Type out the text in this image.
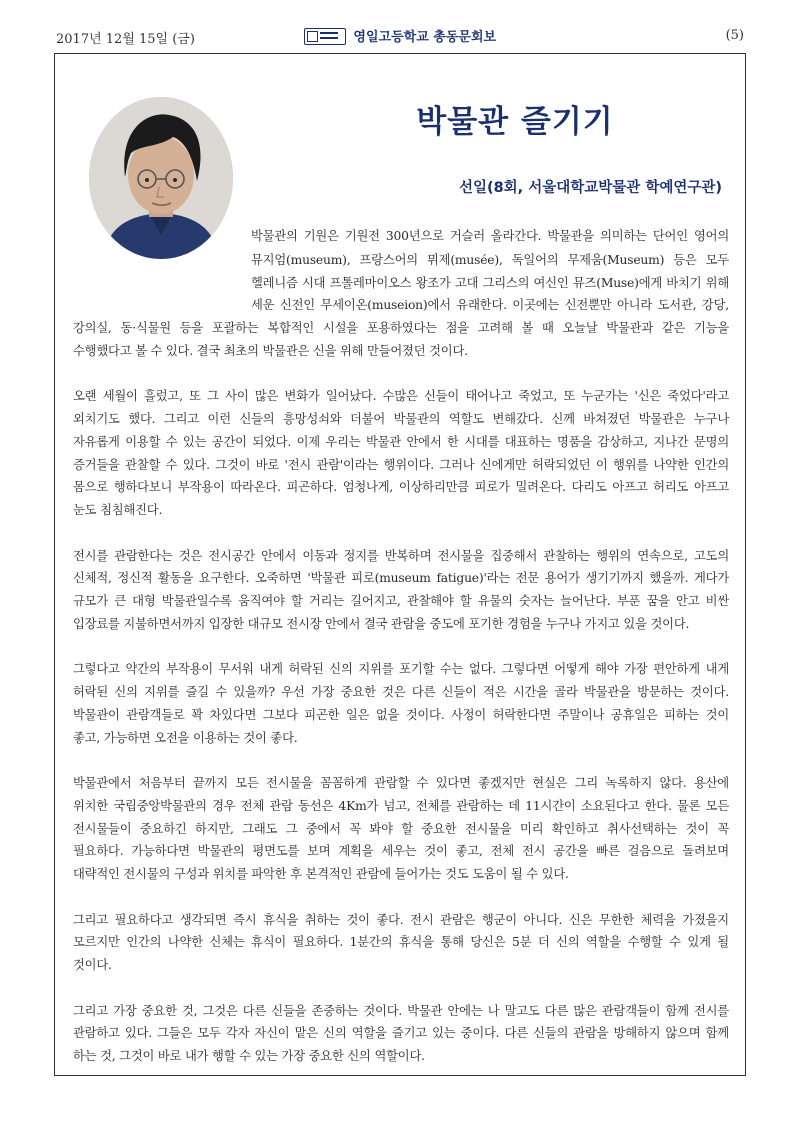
2017년 12월 15일 (금)	영일고등학교 총동문회보	(5)
박물관 즐기기
선일(8회, 서울대학교박물관 학예연구관)
박물관의 기원은 기원전 300년으로 거슬러 올라간다. 박물관을 의미하는 단어인 영어의
뮤지엄(museum), 프랑스어의 뮈제(musée), 독일어의 무제움(Museum) 등은 모두
헬레니즘 시대 프톨레마이오스 왕조가 고대 그리스의 여신인 뮤즈(Muse)에게 바치기 위해
세운 신전인 무세이온(museion)에서 유래한다. 이곳에는 신전뿐만 아니라 도서관, 강당,
강의실, 동·식물원 등을 포괄하는 복합적인 시설을 포용하였다는 점을 고려해 볼 때 오늘날 박물관과 같은 기능을
수행했다고 볼 수 있다. 결국 최초의 박물관은 신을 위해 만들어졌던 것이다.
오랜 세월이 흘렀고, 또 그 사이 많은 변화가 일어났다. 수많은 신들이 태어나고 죽었고, 또 누군가는 '신은 죽었다'라고
외치기도 했다. 그리고 이런 신들의 흥망성쇠와 더불어 박물관의 역할도 변해갔다. 신께 바쳐졌던 박물관은 누구나
자유롭게 이용할 수 있는 공간이 되었다. 이제 우리는 박물관 안에서 한 시대를 대표하는 명품을 감상하고, 지나간 문명의
증거들을 관찰할 수 있다. 그것이 바로 '전시 관람'이라는 행위이다. 그러나 신에게만 허락되었던 이 행위를 나약한 인간의
몸으로 행하다보니 부작용이 따라온다. 피곤하다. 엄청나게, 이상하리만큼 피로가 밀려온다. 다리도 아프고 허리도 아프고
눈도 침침해진다.
전시를 관람한다는 것은 전시공간 안에서 이동과 정지를 반복하며 전시물을 집중해서 관찰하는 행위의 연속으로, 고도의
신체적, 정신적 활동을 요구한다. 오죽하면 '박물관 피로(museum fatigue)'라는 전문 용어가 생기기까지 했을까. 게다가
규모가 큰 대형 박물관일수록 움직여야 할 거리는 길어지고, 관찰해야 할 유물의 숫자는 늘어난다. 부푼 꿈을 안고 비싼
입장료를 지불하면서까지 입장한 대규모 전시장 안에서 결국 관람을 중도에 포기한 경험을 누구나 가지고 있을 것이다.
그렇다고 약간의 부작용이 무서워 내게 허락된 신의 지위를 포기할 수는 없다. 그렇다면 어떻게 해야 가장 편안하게 내게
허락된 신의 지위를 즐길 수 있을까? 우선 가장 중요한 것은 다른 신들이 적은 시간을 골라 박물관을 방문하는 것이다.
박물관이 관람객들로 꽉 차있다면 그보다 피곤한 일은 없을 것이다. 사정이 허락한다면 주말이나 공휴일은 피하는 것이
좋고, 가능하면 오전을 이용하는 것이 좋다.
박물관에서 처음부터 끝까지 모든 전시물을 꼼꼼하게 관람할 수 있다면 좋겠지만 현실은 그리 녹록하지 않다. 용산에
위치한 국립중앙박물관의 경우 전체 관람 동선은 4Km가 넘고, 전체를 관람하는 데 11시간이 소요된다고 한다. 물론 모든
전시물들이 중요하긴 하지만, 그래도 그 중에서 꼭 봐야 할 중요한 전시물을 미리 확인하고 취사선택하는 것이 꼭
필요하다. 가능하다면 박물관의 평면도를 보며 계획을 세우는 것이 좋고, 전체 전시 공간을 빠른 걸음으로 돌려보며
대략적인 전시물의 구성과 위치를 파악한 후 본격적인 관람에 들어가는 것도 도움이 될 수 있다.
그리고 필요하다고 생각되면 즉시 휴식을 취하는 것이 좋다. 전시 관람은 행군이 아니다. 신은 무한한 체력을 가졌을지
모르지만 인간의 나약한 신체는 휴식이 필요하다. 1분간의 휴식을 통해 당신은 5분 더 신의 역할을 수행할 수 있게 될
것이다.
그리고 가장 중요한 것, 그것은 다른 신들을 존중하는 것이다. 박물관 안에는 나 말고도 다른 많은 관람객들이 함께 전시를
관람하고 있다. 그들은 모두 각자 자신이 맡은 신의 역할을 즐기고 있는 중이다. 다른 신들의 관람을 방해하지 않으며 함께
하는 것, 그것이 바로 내가 행할 수 있는 가장 중요한 신의 역할이다.
